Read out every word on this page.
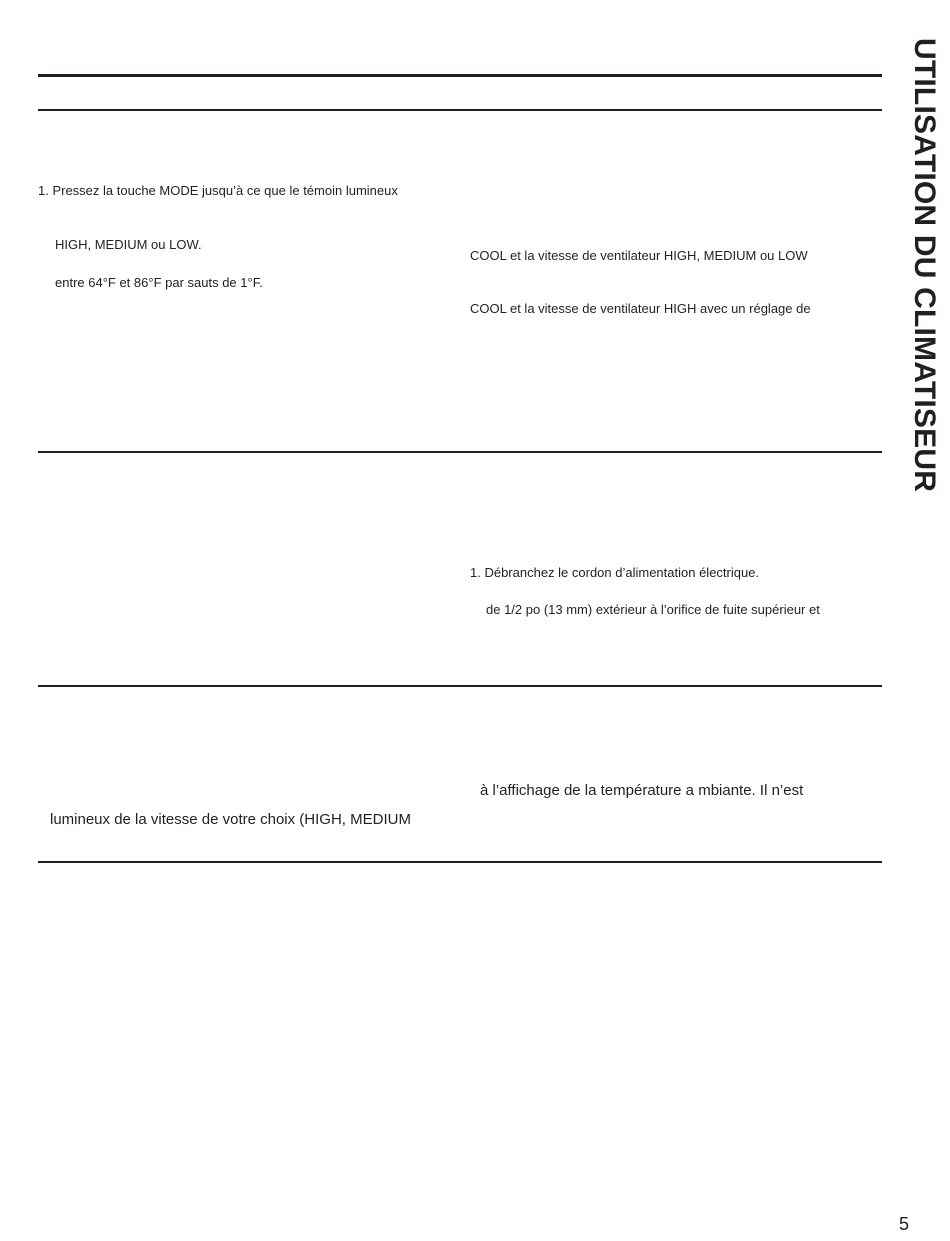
1. Pressez la touche MODE jusqu’à ce que le témoin lumineux
HIGH, MEDIUM ou LOW.
entre 64°F et 86°F par sauts de 1°F.
lumineux de la vitesse de votre choix (HIGH, MEDIUM
COOL et la vitesse de ventilateur HIGH, MEDIUM ou LOW
COOL et la vitesse de ventilateur HIGH avec un réglage de
1. Débranchez le cordon d’alimentation électrique.
de 1/2 po (13 mm) extérieur à l’orifice de fuite supérieur et
à l’affichage de la température a mbiante. Il n’est
UTILISATION DU CLIMATISEUR
5
